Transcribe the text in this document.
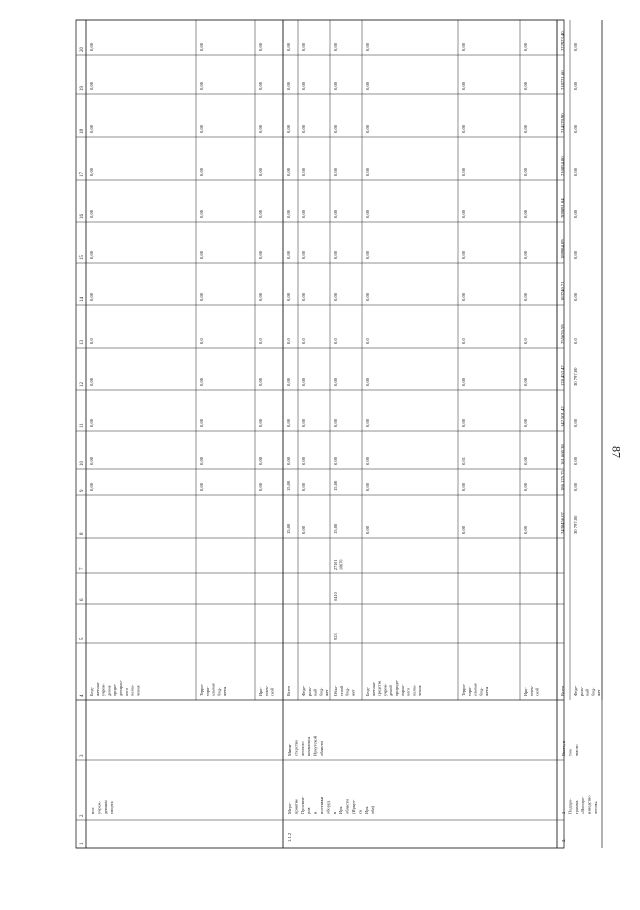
87
1
2
3
4
5
6
7
8
9
10
11
12
13
14
15
16
17
18
19
20
ное учреж- дениям спорта
Бюд- жетные учреж- дения приро- доохран- ного назна- чения
0,00
0,00
0,00
0,00
0,0
0,00
0,00
0,00
0,00
0,00
0,00
0,00
Терри- тори- альные бюд- жеты
0,00
0,00
0,00
0,00
0,0
0,00
0,00
0,00
0,00
0,00
0,00
0,00
Ири- ючек- ской
0,00
0,00
0,00
0,00
0,0
0,00
0,00
0,00
0,00
0,00
0,00
0,00
1.1.2
Меро- приятие Проекти- ров и поставки оборуд в Ирк области (Иркут- ск Ирк обл)
Мини- стерство лесного комплекса Иркутской области
Всего
15,00
15,00
0,00
0,00
0,00
0,0
0,00
0,00
0,00
0,00
0,00
0,00
0,00
Феде- раль- ный бюд- жет
0,00
0,00
0,00
0,00
0,00
0,0
0,00
0,00
0,00
0,00
0,00
0,00
0,00
Обла- стной бюд- жет
923
0410
27101 10670
15,00
15,00
0,00
0,00
0,00
0,0
0,00
0,00
0,00
0,00
0,00
0,00
0,00
Бюд- жетные средства учреж- дений природо- охран- ного назна- чения
0,00
0,00
0,00
0,00
0,00
0,0
0,00
0,00
0,00
0,00
0,00
0,00
0,00
Терри- тори- альные бюд- жеты
0,00
0,00
0,01
0,00
0,00
0,0
0,00
0,00
0,00
0,00
0,00
0,00
0,00
Ири- ючек- ской
0,00
0,00
0,00
0,00
0,00
0,0
0,00
0,00
0,00
0,00
0,00
0,00
0,00
2.
2 Подпро- грамма «Воспро- изводство лесов»
Всего, в том числе:
Всего
2438456,07
186 125,75
161 660,38
142 501,42
178 453,47
255676,59
183740,71
189984,09
209891,84
210854,80
214179,90
218721,60
222923,40
Феде- раль- ный бюд- жет
30 797,00
0,00
0,00
0,00
30 797,00
0,0
0,00
0,00
0,00
0,00
0,00
0,00
0,00
